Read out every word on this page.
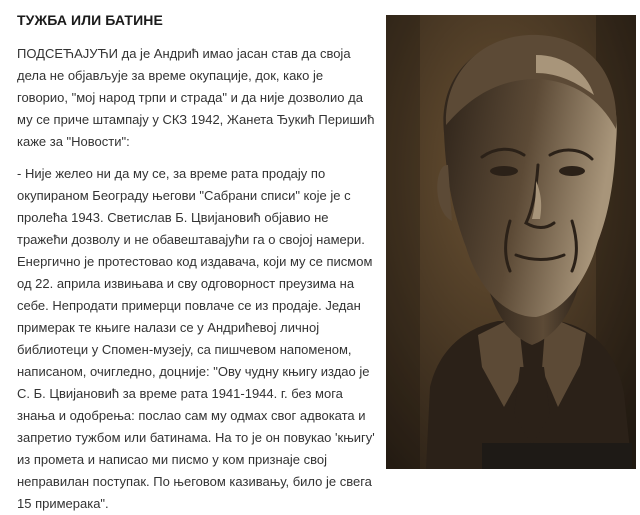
ТУЖБА ИЛИ БАТИНЕ

ПОДСЕЋАЈУЋИ да је Андрић имао јасан став да своја
дела не објављује за време окупације, док, како је
говорио, "мој народ трпи и страда" и да није дозволио да
му се приче штампају у СКЗ 1942, Жанета Ђукић Перишић
каже за "Новости":

- Није желео ни да му се, за време рата продају по
окупираном Београду његови "Сабрани списи" које је с
пролећа 1943. Светислав Б. Цвијановић објавио не
тражећи дозволу и не обавештавајући га о својој намери.
Енергично је протестовао код издавача, који му се писмом
од 22. априла извињава и сву одговорност преузима на
себе. Непродати примерци повлаче се из продаје. Један
примерак те књиге налази се у Андрићевој личној
библиотеци у Спомен-музеју, са пишчевом напоменом,
написаном, очигледно, доцније: "Ову чудну књигу издао је
С. Б. Цвијановић за време рата 1941-1944. г. без мога
знања и одобрења: послао сам му одмах свог адвоката и
запретио тужбом или батинама. На то је он повукао 'књигу'
из промета и написао ми писмо у ком признаје свој
неправилан поступак. По његовом казивању, било је свега
15 примерака".
